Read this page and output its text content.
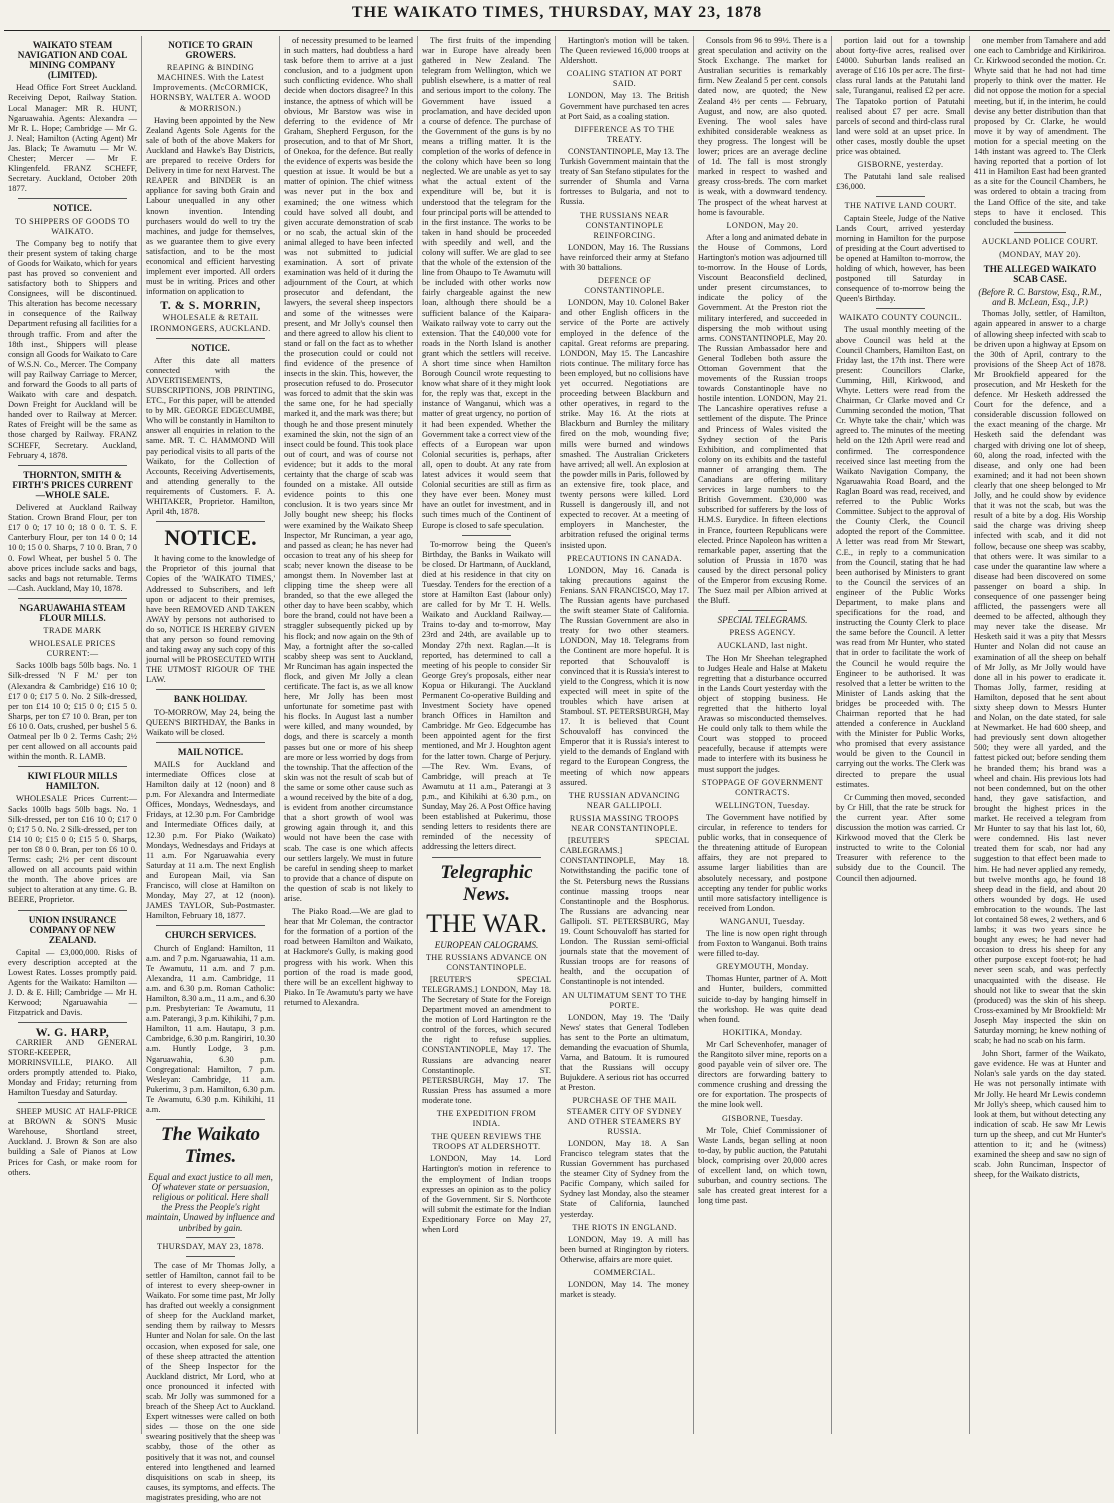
THE WAIKATO TIMES, THURSDAY, MAY 23, 1878
WAIKATO STEAM NAVIGATION AND COAL MINING COMPANY (LIMITED).

Head Office Fort Street Auckland. Receiving Depot, Railway Station. Local Manager: MR R. HUNT, Ngaruawahia. Agents: Alexandra — Mr R. L. Hope; Cambridge — Mr G. J. Neal; Hamilton (Acting Agent) Mr Jas. Black; Te Awamutu — Mr W. Chester; Mercer — Mr F. Klingenfeld. FRANZ SCHEFF, Secretary. Auckland, October 20th 1877.

NOTICE.
TO SHIPPERS OF GOODS TO WAIKATO.

The Company beg to notify that their present system of taking charge of Goods for Waikato, which for years past has proved so convenient and satisfactory both to Shippers and Consignees, will be discontinued. This alteration has become necessary in consequence of the Railway Department refusing all facilities for a through traffic. From and after the 18th inst., Shippers will please consign all Goods for Waikato to Care of W.S.N. Co., Mercer. The Company will pay Railway Carriage to Mercer, and forward the Goods to all parts of Waikato with care and despatch. Down Freight for Auckland will be handed over to Railway at Mercer. Rates of Freight will be the same as those charged by Railway. FRANZ SCHEFF, Secretary. Auckland, February 4, 1878.

THORNTON, SMITH & FIRTH'S PRICES CURRENT—WHOLE SALE.

Delivered at Auckland Railway Station. Crown Brand Flour, per ton £17 0 0; 17 10 0; 18 0 0. T. S. F. Canterbury Flour, per ton 14 0 0; 14 10 0; 15 0 0. Sharps, 7 10 0. Bran, 7 0 0. Fowl Wheat, per bushel 5 0. The above prices include sacks and bags, sacks and bags not returnable. Terms—Cash. Auckland, May 10, 1878.

NGARUAWAHIA STEAM FLOUR MILLS.
TRADE MARK
WHOLESALE PRICES CURRENT:—

Sacks 100lb bags 50lb bags. No. 1 Silk-dressed 'N F M.' per ton (Alexandra & Cambridge) £16 10 0; £17 0 0; £17 5 0. No. 2 Silk-dressed, per ton £14 10 0; £15 0 0; £15 5 0. Sharps, per ton £7 10 0. Bran, per ton £6 10 0. Oats, crushed, per bushel 5 6. Oatmeal per lb 0 2. Terms Cash; 2½ per cent allowed on all accounts paid within the month. R. LAMB.

KIWI FLOUR MILLS HAMILTON.

WHOLESALE Prices Current:— Sacks 100lb bags 50lb bags. No. 1 Silk-dressed, per ton £16 10 0; £17 0 0; £17 5 0. No. 2 Silk-dressed, per ton £14 10 0; £15 0 0; £15 5 0. Sharps, per ton £8 0 0. Bran, per ton £6 10 0. Terms: cash; 2½ per cent discount allowed on all accounts paid within the month. The above prices are subject to alteration at any time. G. B. BEERE, Proprietor.

UNION INSURANCE COMPANY OF NEW ZEALAND.

Capital — £3,000,000. Risks of every description accepted at the Lowest Rates. Losses promptly paid. Agents for the Waikato: Hamilton — J. D. & E. Hill; Cambridge — Mr H. Kerwood; Ngaruawahia — Fitzpatrick and Davis.

W. G. HARP,

CARRIER AND GENERAL STORE-KEEPER, MORRINSVILLE, PIAKO. All orders promptly attended to. Piako, Monday and Friday; returning from Hamilton Tuesday and Saturday.

SHEEP MUSIC AT HALF-PRICE at BROWN & SON'S Music Warehouse, Shortland street, Auckland. J. Brown & Son are also building a Sale of Pianos at Low Prices for Cash, or make room for others.

NOTICE TO GRAIN GROWERS.
REAPING & BINDING MACHINES. With the Latest Improvements. (McCORMICK, HORNSBY, WALTER A. WOOD & MORRISON.)

Having been appointed by the New Zealand Agents Sole Agents for the sale of both of the above Makers for Auckland and Hawke's Bay Districts, are prepared to receive Orders for Delivery in time for next Harvest. The REAPER and BINDER is an appliance for saving both Grain and Labour unequalled in any other known invention. Intending purchasers would do well to try the machines, and judge for themselves, as we guarantee them to give every satisfaction, and to be the most economical and efficient harvesting implement ever imported. All orders must be in writing. Prices and other information on application to

T. & S. MORRIN,
WHOLESALE & RETAIL IRONMONGERS, AUCKLAND.
NOTICE.

After this date all matters connected with the ADVERTISEMENTS, SUBSCRIPTIONS, JOB PRINTING, ETC., For this paper, will be attended to by MR. GEORGE EDGECUMBE, Who will be constantly in Hamilton to answer all enquiries in relation to the same. MR. T. C. HAMMOND Will pay periodical visits to all parts of the Waikato, for the Collection of Accounts, Receiving Advertisements, and attending generally to the requirements of Customers. F. A. WHITAKER, Proprietor. Hamilton, April 4th, 1878.

NOTICE.

It having come to the knowledge of the Proprietor of this journal that Copies of the 'WAIKATO TIMES,' Addressed to Subscribers, and left upon or adjacent to their premises, have been REMOVED AND TAKEN AWAY by persons not authorised to do so, NOTICE IS HEREBY GIVEN that any person so found removing and taking away any such copy of this journal will be PROSECUTED WITH THE UTMOST RIGOUR OF THE LAW.

BANK HOLIDAY.

TO-MORROW, May 24, being the QUEEN'S BIRTHDAY, the Banks in Waikato will be closed.

MAIL NOTICE.

MAILS for Auckland and intermediate Offices close at Hamilton daily at 12 (noon) and 8 p.m. For Alexandra and Intermediate Offices, Mondays, Wednesdays, and Fridays, at 12.30 p.m. For Cambridge and Intermediate Offices daily, at 12.30 p.m. For Piako (Waikato) Mondays, Wednesdays and Fridays at 11 a.m. For Ngaruawahia every Saturday at 11 a.m. The next English and European Mail, via San Francisco, will close at Hamilton on Monday, May 27, at 12 (noon). JAMES TAYLOR, Sub-Postmaster. Hamilton, February 18, 1877.

CHURCH SERVICES.

Church of England: Hamilton, 11 a.m. and 7 p.m. Ngaruawahia, 11 a.m. Te Awamutu, 11 a.m. and 7 p.m. Alexandra, 11 a.m. Cambridge, 11 a.m. and 6.30 p.m. Roman Catholic: Hamilton, 8.30 a.m., 11 a.m., and 6.30 p.m. Presbyterian: Te Awamutu, 11 a.m. Paterangi, 3 p.m. Kihikihi, 7 p.m. Hamilton, 11 a.m. Hautapu, 3 p.m. Cambridge, 6.30 p.m. Rangiriri, 10.30 a.m. Huntly Lodge, 3 p.m. Ngaruawahia, 6.30 p.m. Congregational: Hamilton, 7 p.m. Wesleyan: Cambridge, 11 a.m. Pukerimu, 3 p.m. Hamilton, 6.30 p.m. Te Awamutu, 6.30 p.m. Kihikihi, 11 a.m.

The Waikato Times.
Equal and exact justice to all men, Of whatever state or persuasion, religious or political. Here shall the Press the People's right maintain, Unawed by influence and unbribed by gain.
THURSDAY, MAY 23, 1878.

The case of Mr Thomas Jolly, a settler of Hamilton, cannot fail to be of interest to every sheep-owner in Waikato. For some time past, Mr Jolly has drafted out weekly a consignment of sheep for the Auckland market, sending them by railway to Messrs Hunter and Nolan for sale. On the last occasion, when exposed for sale, one of these sheep attracted the attention of the Sheep Inspector for the Auckland district, Mr Lord, who at once pronounced it infected with scab. Mr Jolly was summoned for a breach of the Sheep Act to Auckland. Expert witnesses were called on both sides — those on the one side swearing positively that the sheep was scabby, those of the other as positively that it was not, and counsel entered into lengthened and learned disquisitions on scab in sheep, its causes, its symptoms, and effects. The magistrates presiding, who are not

of necessity presumed to be learned in such matters, had doubtless a hard task before them to arrive at a just conclusion, and to a judgment upon such conflicting evidence. Who shall decide when doctors disagree? In this instance, the aptness of which will be obvious, Mr Barstow was wise in deferring to the evidence of Mr Graham, Shepherd Ferguson, for the prosecution, and to that of Mr Short, of Onekoa, for the defence. But really the evidence of experts was beside the question at issue. It would be but a matter of opinion. The chief witness was never put in the box and examined; the one witness which could have solved all doubt, and given accurate demonstration of scab or no scab, the actual skin of the animal alleged to have been infected was not submitted to judicial examination. A sort of private examination was held of it during the adjournment of the Court, at which prosecutor and defendant, the lawyers, the several sheep inspectors and some of the witnesses were present, and Mr Jolly's counsel then and there agreed to allow his client to stand or fall on the fact as to whether the prosecution could or could not find evidence of the presence of insects in the skin. This, however, the prosecution refused to do. Prosecutor was forced to admit that the skin was the same one, for he had specially marked it, and the mark was there; but though he and those present minutely examined the skin, not the sign of an insect could be found. This took place out of court, and was of course not evidence; but it adds to the moral certainty that the charge of scab was founded on a mistake. All outside evidence points to this one conclusion. It is two years since Mr Jolly bought new sheep; his flocks were examined by the Waikato Sheep Inspector, Mr Runciman, a year ago, and passed as clean; he has never had occasion to treat any of his sheep for scab; never known the disease to be amongst them. In November last at clipping time the sheep were all branded, so that the ewe alleged the other day to have been scabby, which bore the brand, could not have been a straggler subsequently picked up by his flock; and now again on the 9th of May, a fortnight after the so-called scabby sheep was sent to Auckland, Mr Runciman has again inspected the flock, and given Mr Jolly a clean certificate. The fact is, as we all know here, Mr Jolly has been most unfortunate for sometime past with his flocks. In August last a number were killed, and many wounded, by dogs, and there is scarcely a month passes but one or more of his sheep are more or less worried by dogs from the township. That the affection of the skin was not the result of scab but of the same or some other cause such as a wound received by the bite of a dog, is evident from another circumstance that a short growth of wool was growing again through it, and this would not have been the case with scab. The case is one which affects our settlers largely. We must in future be careful in sending sheep to market to provide that a chance of dispute on the question of scab is not likely to arise.

The Piako Road.—We are glad to hear that Mr Coleman, the contractor for the formation of a portion of the road between Hamilton and Waikato, at Hackmore's Gully, is making good progress with his work. When this portion of the road is made good, there will be an excellent highway to Piako. In Te Awamutu's party we have returned to Alexandra.

The first fruits of the impending war in Europe have already been gathered in New Zealand. The telegram from Wellington, which we publish elsewhere, is a matter of real and serious import to the colony. The Government have issued a proclamation, and have decided upon a course of defence. The purchase of the Government of the guns is by no means a trifling matter. It is the completion of the works of defence in the colony which have been so long neglected. We are unable as yet to say what the actual extent of the expenditure will be, but it is understood that the telegram for the four principal ports will be attended to in the first instance. The works to be taken in hand should be proceeded with speedily and well, and the colony will suffer. We are glad to see that the whole of the extension of the line from Ohaupo to Te Awamutu will be included with other works now fairly chargeable against the new loan, although there should be a sufficient balance of the Kaipara-Waikato railway vote to carry out the extension. That the £40,000 vote for roads in the North Island is another grant which the settlers will receive. A short time since when Hamilton Borough Council wrote requesting to know what share of it they might look for, the reply was that, except in the instance of Wanganui, which was a matter of great urgency, no portion of it had been expended. Whether the Government take a correct view of the effects of a European war upon Colonial securities is, perhaps, after all, open to doubt. At any rate from latest advices it would seem that Colonial securities are still as firm as they have ever been. Money must have an outlet for investment, and in such times much of the Continent of Europe is closed to safe speculation.

To-morrow being the Queen's Birthday, the Banks in Waikato will be closed. Dr Hartmann, of Auckland, died at his residence in that city on Tuesday. Tenders for the erection of a store at Hamilton East (labour only) are called for by Mr T. H. Wells. Waikato and Auckland Railway.—Trains to-day and to-morrow, May 23rd and 24th, are available up to Monday 27th next. Raglan.—It is reported, has determined to call a meeting of his people to consider Sir George Grey's proposals, either near Kopua or Hikurangi. The Auckland Permanent Co-operative Building and Investment Society have opened branch Offices in Hamilton and Cambridge. Mr Geo. Edgecumbe has been appointed agent for the first mentioned, and Mr J. Houghton agent for the latter town. Charge of Perjury.—The Rev. Wm. Evans, of Cambridge, will preach at Te Awamutu at 11 a.m., Paterangi at 3 p.m., and Kihikihi at 6.30 p.m., on Sunday, May 26. A Post Office having been established at Pukerimu, those sending letters to residents there are reminded of the necessity of addressing the letters direct.

Telegraphic News.
THE WAR.
EUROPEAN CALOGRAMS.
THE RUSSIANS ADVANCE ON CONSTANTINOPLE.

[REUTER'S SPECIAL TELEGRAMS.] LONDON, May 18. The Secretary of State for the Foreign Department moved an amendment to the motion of Lord Hartington re the control of the forces, which secured the right to refuse supplies. CONSTANTINOPLE, May 17. The Russians are advancing nearer Constantinople. ST. PETERSBURGH, May 17. The Russian Press has assumed a more moderate tone.

THE EXPEDITION FROM INDIA.
THE QUEEN REVIEWS THE TROOPS AT ALDERSHOTT.

LONDON, May 14. Lord Hartington's motion in reference to the employment of Indian troops expresses an opinion as to the policy of the Government. Sir S. Northcote will submit the estimate for the Indian Expeditionary Force on May 27, when Lord

Hartington's motion will be taken. The Queen reviewed 16,000 troops at Aldershott.

COALING STATION AT PORT SAID.

LONDON, May 13. The British Government have purchased ten acres at Port Said, as a coaling station.

DIFFERENCE AS TO THE TREATY.

CONSTANTINOPLE, May 13. The Turkish Government maintain that the treaty of San Stefano stipulates for the surrender of Shumla and Varna fortresses to Bulgaria, and not to Russia.

THE RUSSIANS NEAR CONSTANTINOPLE REINFORCING.

LONDON, May 16. The Russians have reinforced their army at Stefano with 30 battalions.

DEFENCE OF CONSTANTINOPLE.

LONDON, May 10. Colonel Baker and other English officers in the service of the Porte are actively employed in the defence of the capital. Great reforms are preparing. LONDON, May 15. The Lancashire riots continue. The military force has been employed, but no collisions have yet occurred. Negotiations are proceeding between Blackburn and other operatives, in regard to the strike. May 16. At the riots at Blackburn and Burnley the military fired on the mob, wounding five; mills were burned and windows smashed. The Australian Cricketers have arrived; all well. An explosion at the powder mills in Paris, followed by an extensive fire, took place, and twenty persons were killed. Lord Russell is dangerously ill, and not expected to recover. At a meeting of employers in Manchester, the arbitration refused the original terms insisted upon.

PRECAUTIONS IN CANADA.

LONDON, May 16. Canada is taking precautions against the Fenians. SAN FRANCISCO, May 17. The Russian agents have purchased the swift steamer State of California. The Russian Government are also in treaty for two other steamers. LONDON, May 18. Telegrams from the Continent are more hopeful. It is reported that Schouvaloff is convinced that it is Russia's interest to yield to the Congress, which it is now expected will meet in spite of the troubles which have arisen at Stamboul. ST. PETERSBURGH, May 17. It is believed that Count Schouvaloff has convinced the Emperor that it is Russia's interest to yield to the demands of England with regard to the European Congress, the meeting of which now appears assured.

THE RUSSIAN ADVANCING NEAR GALLIPOLI.
RUSSIA MASSING TROOPS NEAR CONSTANTINOPLE.

[REUTER'S SPECIAL CABLEGRAMS.] CONSTANTINOPLE, May 18. Notwithstanding the pacific tone of the St. Petersburg news the Russians continue massing troops near Constantinople and the Bosphorus. The Russians are advancing near Gallipoli. ST. PETERSBURG, May 19. Count Schouvaloff has started for London. The Russian semi-official journals state that the movement of Russian troops are for reasons of health, and the occupation of Constantinople is not intended.

AN ULTIMATUM SENT TO THE PORTE.

LONDON, May 19. The 'Daily News' states that General Todleben has sent to the Porte an ultimatum, demanding the evacuation of Shumla, Varna, and Batoum. It is rumoured that the Russians will occupy Bujukdere. A serious riot has occurred at Preston.

PURCHASE OF THE MAIL STEAMER CITY OF SYDNEY AND OTHER STEAMERS BY RUSSIA.

LONDON, May 18. A San Francisco telegram states that the Russian Government has purchased the steamer City of Sydney from the Pacific Company, which sailed for Sydney last Monday, also the steamer State of California, launched yesterday.

THE RIOTS IN ENGLAND.

LONDON, May 19. A mill has been burned at Ringington by rioters. Otherwise, affairs are more quiet.

COMMERCIAL.

LONDON, May 14. The money market is steady.

Consols from 96 to 99½. There is a great speculation and activity on the Stock Exchange. The market for Australian securities is remarkably firm. New Zealand 5 per cent. consols dated now, are quoted; the New Zealand 4½ per cents — February, August, and now, are also quoted. Evening. The wool sales have exhibited considerable weakness as they progress. The longest will be lower; prices are an average decline of 1d. The fall is most strongly marked in respect to washed and greasy cross-breds. The corn market is weak, with a downward tendency. The prospect of the wheat harvest at home is favourable.

LONDON, May 20.

After a long and animated debate in the House of Commons, Lord Hartington's motion was adjourned till to-morrow. In the House of Lords, Viscount Beaconsfield declined, under present circumstances, to indicate the policy of the Government. At the Preston riot the military interfered, and succeeded in dispersing the mob without using arms. CONSTANTINOPLE, May 20. The Russian Ambassador here and General Todleben both assure the Ottoman Government that the movements of the Russian troops towards Constantinople have no hostile intention. LONDON, May 21. The Lancashire operatives refuse a settlement of the dispute. The Prince and Princess of Wales visited the Sydney section of the Paris Exhibition, and complimented that colony on its exhibits and the tasteful manner of arranging them. The Canadians are offering military services in large numbers to the British Government. £30,000 was subscribed for sufferers by the loss of H.M.S. Eurydice. In fifteen elections in France, fourteen Republicans were elected. Prince Napoleon has written a remarkable paper, asserting that the solution of Prussia in 1870 was caused by the direct personal policy of the Emperor from excusing Rome. The Suez mail per Albion arrived at the Bluff.

SPECIAL TELEGRAMS.
PRESS AGENCY.
AUCKLAND, last night.

The Hon Mr Sheehan telegraphed to Judges Heale and Halse at Maketu regretting that a disturbance occurred in the Lands Court yesterday with the object of stopping business. He regretted that the hitherto loyal Arawas so misconducted themselves. He could only talk to them while the Court was stopped to proceed peacefully, because if attempts were made to interfere with its business he must support the judges.

STOPPAGE OF GOVERNMENT CONTRACTS.
WELLINGTON, Tuesday.

The Government have notified by circular, in reference to tenders for public works, that in consequence of the threatening attitude of European affairs, they are not prepared to assume larger liabilities than are absolutely necessary, and postpone accepting any tender for public works until more satisfactory intelligence is received from London.

WANGANUI, Tuesday.

The line is now open right through from Foxton to Wanganui. Both trains were filled to-day.

GREYMOUTH, Monday.

Thomas Hunter, partner of A. Mott and Hunter, builders, committed suicide to-day by hanging himself in the workshop. He was quite dead when found.

HOKITIKA, Monday.

Mr Carl Schevenhofer, manager of the Rangitoto silver mine, reports on a good payable vein of silver ore. The directors are forwarding battery to commence crushing and dressing the ore for exportation. The prospects of the mine look well.

GISBORNE, Tuesday.

Mr Tole, Chief Commissioner of Waste Lands, began selling at noon to-day, by public auction, the Patutahi block, comprising over 20,000 acres of excellent land, on which town, suburban, and country sections. The sale has created great interest for a long time past.

portion laid out for a township about forty-five acres, realised over £4000. Suburban lands realised an average of £16 10s per acre. The first-class rural lands at the Patutahi land sale, Turanganui, realised £2 per acre. The Tapatoko portion of Patutahi realised about £7 per acre. Small parcels of second and third-class rural land were sold at an upset price. In other cases, mostly double the upset price was obtained.

GISBORNE, yesterday.

The Patutahi land sale realised £36,000.

THE NATIVE LAND COURT.

Captain Steele, Judge of the Native Lands Court, arrived yesterday morning in Hamilton for the purpose of presiding at the Court advertised to be opened at Hamilton to-morrow, the holding of which, however, has been postponed till Saturday in consequence of to-morrow being the Queen's Birthday.

WAIKATO COUNTY COUNCIL.

The usual monthly meeting of the above Council was held at the Council Chambers, Hamilton East, on Friday last, the 17th inst. There were present: Councillors Clarke, Cumming, Hill, Kirkwood, and Whyte. Letters were read from the Chairman, Cr Clarke moved and Cr Cumming seconded the motion, 'That Cr. Whyte take the chair,' which was agreed to. The minutes of the meeting held on the 12th April were read and confirmed. The correspondence received since last meeting from the Waikato Navigation Company, the Ngaruawahia Road Board, and the Raglan Board was read, received, and referred to the Public Works Committee. Subject to the approval of the County Clerk, the Council adopted the report of the Committee. A letter was read from Mr Stewart, C.E., in reply to a communication from the Council, stating that he had been authorised by Ministers to grant to the Council the services of an engineer of the Public Works Department, to make plans and specifications for the road, and instructing the County Clerk to place the same before the Council. A letter was read from Mr Hunter, who stated that in order to facilitate the work of the Council he would require the Engineer to be authorised. It was resolved that a letter be written to the Minister of Lands asking that the bridges be proceeded with. The Chairman reported that he had attended a conference in Auckland with the Minister for Public Works, who promised that every assistance would be given to the Council in carrying out the works. The Clerk was directed to prepare the usual estimates.

Cr Cumming then moved, seconded by Cr Hill, that the rate be struck for the current year. After some discussion the motion was carried. Cr Kirkwood moved that the Clerk be instructed to write to the Colonial Treasurer with reference to the subsidy due to the Council. The Council then adjourned.

one member from Tamahere and add one each to Cambridge and Kirikiriroa. Cr. Kirkwood seconded the motion. Cr. Whyte said that he had not had time properly to think over the matter. He did not oppose the motion for a special meeting, but if, in the interim, he could devise any better distribution than that proposed by Cr. Clarke, he would move it by way of amendment. The motion for a special meeting on the 14th instant was agreed to. The Clerk having reported that a portion of lot 411 in Hamilton East had been granted as a site for the Council Chambers, he was ordered to obtain a tracing from the Land Office of the site, and take steps to have it enclosed. This concluded the business.

AUCKLAND POLICE COURT.
(MONDAY, MAY 20).
THE ALLEGED WAIKATO SCAB CASE.
(Before R. C. Barstow, Esq., R.M., and B. McLean, Esq., J.P.)

Thomas Jolly, settler, of Hamilton, again appeared in answer to a charge of allowing sheep infected with scab to be driven upon a highway at Epsom on the 30th of April, contrary to the provisions of the Sheep Act of 1878. Mr Brookfield appeared for the prosecution, and Mr Hesketh for the defence. Mr Hesketh addressed the Court for the defence, and a considerable discussion followed on the exact meaning of the charge. Mr Hesketh said the defendant was charged with driving one lot of sheep, 60, along the road, infected with the disease, and only one had been examined; and it had not been shown clearly that one sheep belonged to Mr Jolly, and he could show by evidence that it was not the scab, but was the result of a bite by a dog. His Worship said the charge was driving sheep infected with scab, and it did not follow, because one sheep was scabby, that others were. It was similar to a case under the quarantine law where a disease had been discovered on some passenger on board a ship. In consequence of one passenger being afflicted, the passengers were all deemed to be affected, although they may never take the disease. Mr Hesketh said it was a pity that Messrs Hunter and Nolan did not cause an examination of all the sheep on behalf of Mr Jolly, as Mr Jolly would have done all in his power to eradicate it. Thomas Jolly, farmer, residing at Hamilton, deposed that he sent about sixty sheep down to Messrs Hunter and Nolan, on the date stated, for sale at Newmarket. He had 600 sheep, and had previously sent down altogether 500; they were all yarded, and the fattest picked out; before sending them he branded them; his brand was a wheel and chain. His previous lots had not been condemned, but on the other hand, they gave satisfaction, and brought the highest prices in the market. He received a telegram from Mr Hunter to say that his last lot, 60, were condemned. His last never treated them for scab, nor had any suggestion to that effect been made to him. He had never applied any remedy, but twelve months ago, he found 18 sheep dead in the field, and about 20 others wounded by dogs. He used embrocation to the wounds. The last lot contained 58 ewes, 2 wethers, and 6 lambs; it was two years since he bought any ewes; he had never had occasion to dress his sheep for any other purpose except foot-rot; he had never seen scab, and was perfectly unacquainted with the disease. He should not like to swear that the skin (produced) was the skin of his sheep. Cross-examined by Mr Brookfield: Mr Joseph May inspected the skin on Saturday morning; he knew nothing of scab; he had no scab on his farm.

John Short, farmer of the Waikato, gave evidence. He was at Hunter and Nolan's sale yards on the day stated. He was not personally intimate with Mr Jolly. He heard Mr Lewis condemn Mr Jolly's sheep, which caused him to look at them, but without detecting any indication of scab. He saw Mr Lewis turn up the sheep, and cut Mr Hunter's attention to it; and he (witness) examined the sheep and saw no sign of scab. John Runciman, Inspector of sheep, for the Waikato districts,
